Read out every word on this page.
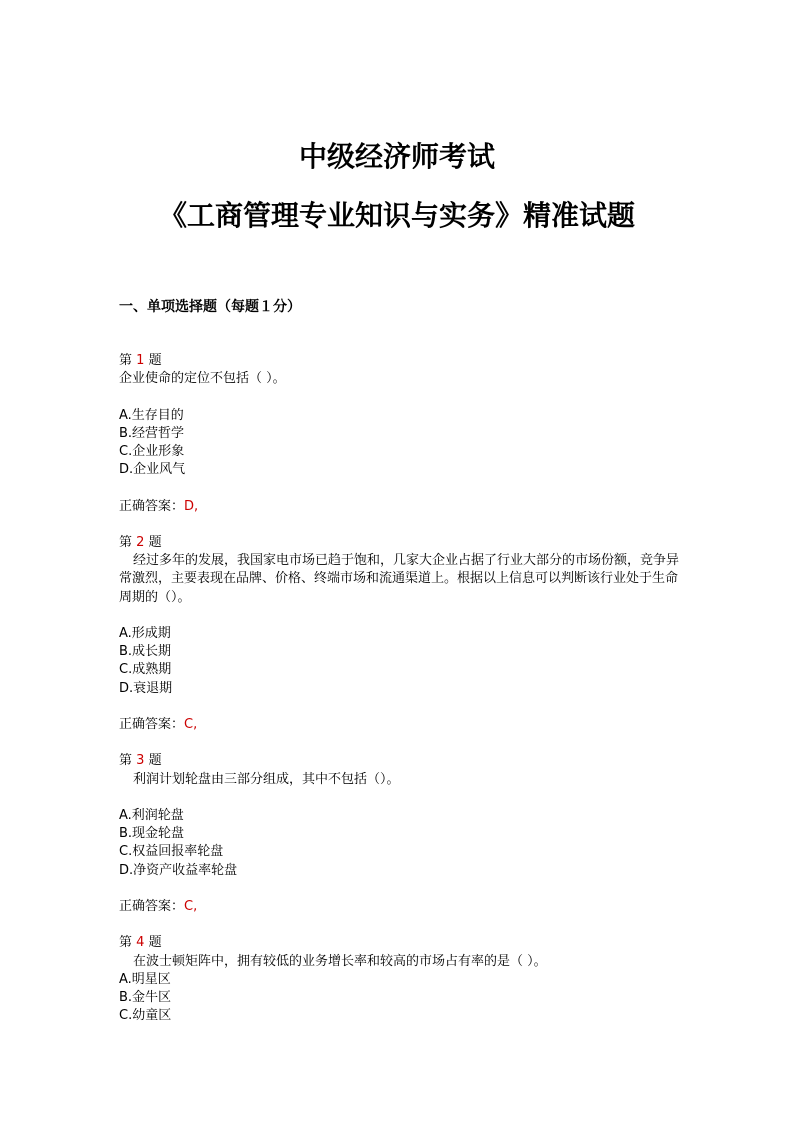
中级经济师考试
《工商管理专业知识与实务》精准试题
一、单项选择题（每题１分）
第 1 题

企业使命的定位不包括（ ）。

A.生存目的
B.经营哲学
C.企业形象
D.企业风气
正确答案：D,
第 2 题

经过多年的发展，我国家电市场已趋于饱和，几家大企业占据了行业大部分的市场份额，竞争异常激烈，主要表现在品牌、价格、终端市场和流通渠道上。根据以上信息可以判断该行业处于生命周期的（）。

A.形成期
B.成长期
C.成熟期
D.衰退期
正确答案：C,
第 3 题

利润计划轮盘由三部分组成，其中不包括（）。

A.利润轮盘
B.现金轮盘
C.权益回报率轮盘
D.净资产收益率轮盘
正确答案：C,
第 4 题

在波士顿矩阵中，拥有较低的业务增长率和较高的市场占有率的是（ ）。

A.明星区
B.金牛区
C.幼童区
